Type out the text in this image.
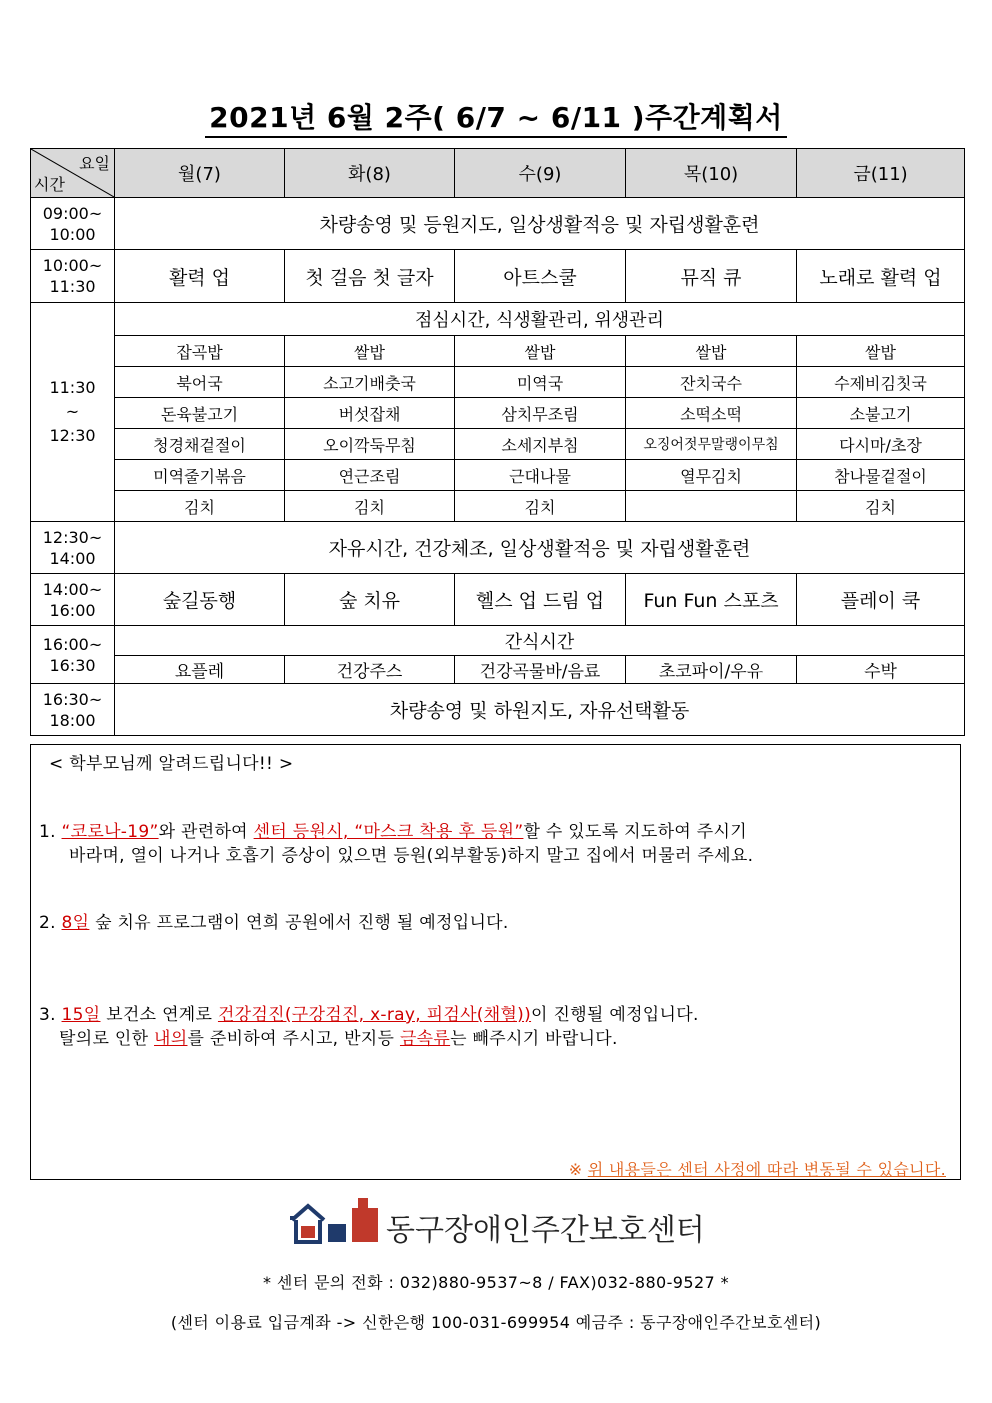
2021년 6월 2주( 6/7 ~ 6/11 )주간계획서
요일
시간	월(7)	화(8)	수(9)	목(10)	금(11)
09:00~
10:00	차량송영 및 등원지도, 일상생활적응 및 자립생활훈련				
10:00~
11:30	활력 업	첫 걸음 첫 글자	아트스쿨	뮤직 큐	노래로 활력 업
11:30
~
12:30	점심시간, 식생활관리, 위생관리				
	잡곡밥	쌀밥	쌀밥	쌀밥	쌀밥
	북어국	소고기배춧국	미역국	잔치국수	수제비김칫국
	돈육불고기	버섯잡채	삼치무조림	소떡소떡	소불고기
	청경채겉절이	오이깍둑무침	소세지부침	오징어젓무말랭이무침	다시마/초장
	미역줄기볶음	연근조림	근대나물	열무김치	참나물겉절이
	김치	김치	김치		김치
12:30~
14:00	자유시간, 건강체조, 일상생활적응 및 자립생활훈련				
14:00~
16:00	숲길동행	숲 치유	헬스 업 드림 업	Fun Fun 스포츠	플레이 쿡
16:00~
16:30	간식시간				
	요플레	건강주스	건강곡물바/음료	초코파이/우유	수박
16:30~
18:00	차량송영 및 하원지도, 자유선택활동				
< 학부모님께 알려드립니다!! >
1. “코로나-19”와 관련하여 센터 등원시, “마스크 착용 후 등원”할 수 있도록 지도하여 주시기
바라며, 열이 나거나 호흡기 증상이 있으면 등원(외부활동)하지 말고 집에서 머물러 주세요.
2. 8일 숲 치유 프로그램이 연희 공원에서 진행 될 예정입니다.
3. 15일 보건소 연계로 건강검진(구강검진, x-ray, 피검사(채혈))이 진행될 예정입니다.
탈의로 인한 내의를 준비하여 주시고, 반지등 금속류는 빼주시기 바랍니다.
※ 위 내용들은 센터 사정에 따라 변동될 수 있습니다.
동구장애인주간보호센터
* 센터 문의 전화 : 032)880-9537~8 / FAX)032-880-9527 *
(센터 이용료 입금계좌 -> 신한은행 100-031-699954 예금주 : 동구장애인주간보호센터)
